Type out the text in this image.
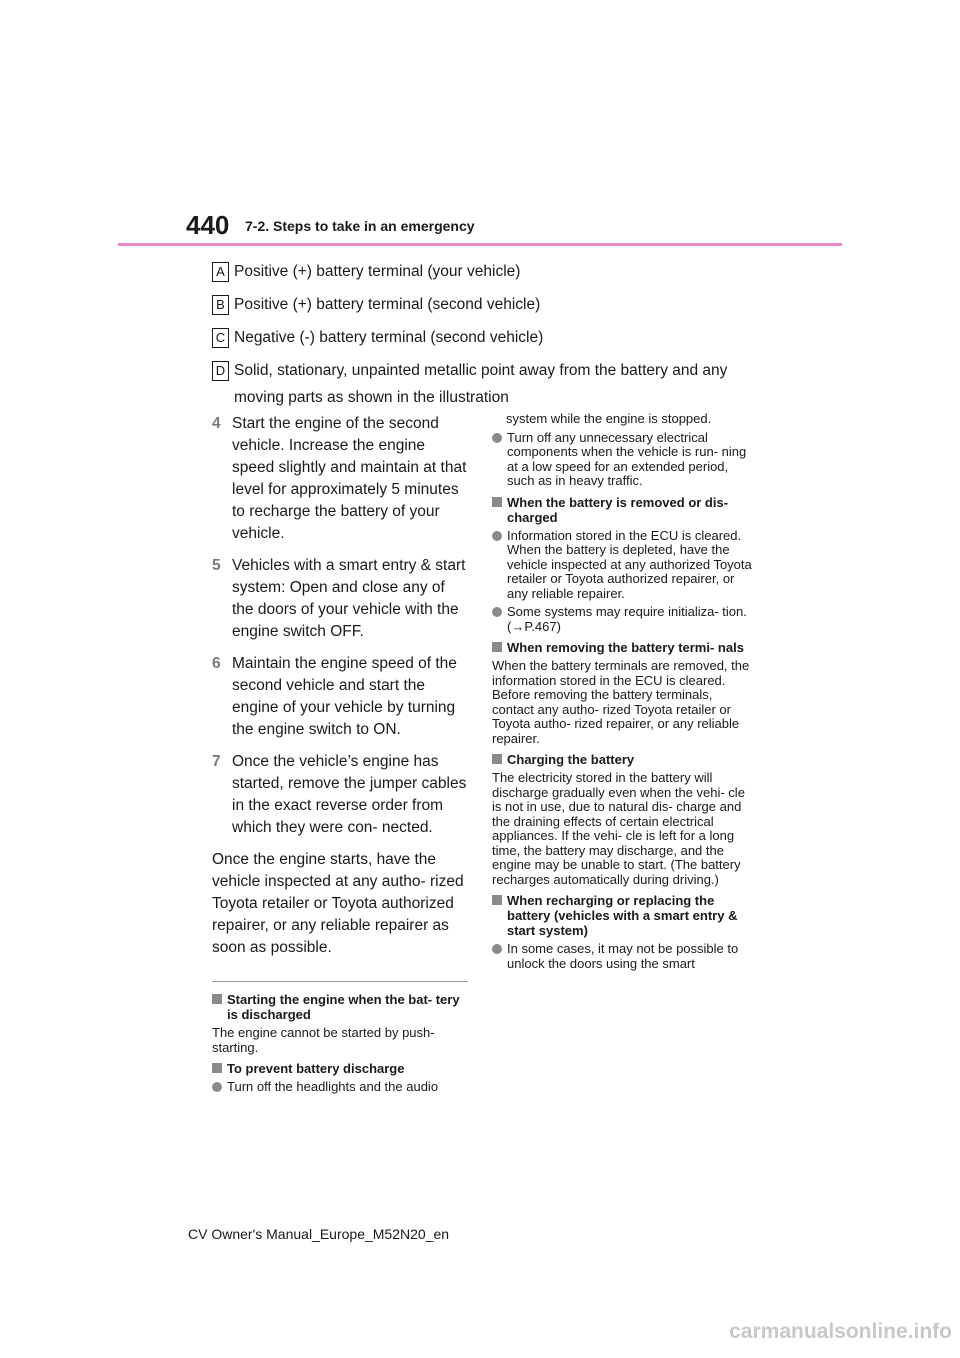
440 7-2. Steps to take in an emergency
A Positive (+) battery terminal (your vehicle)
B Positive (+) battery terminal (second vehicle)
C Negative (-) battery terminal (second vehicle)
D Solid, stationary, unpainted metallic point away from the battery and any moving parts as shown in the illustration
4 Start the engine of the second vehicle. Increase the engine speed slightly and maintain at that level for approximately 5 minutes to recharge the battery of your vehicle.
5 Vehicles with a smart entry & start system: Open and close any of the doors of your vehicle with the engine switch OFF.
6 Maintain the engine speed of the second vehicle and start the engine of your vehicle by turning the engine switch to ON.
7 Once the vehicle’s engine has started, remove the jumper cables in the exact reverse order from which they were con- nected.
Once the engine starts, have the vehicle inspected at any autho- rized Toyota retailer or Toyota authorized repairer, or any reliable repairer as soon as possible.
Starting the engine when the bat- tery is discharged
The engine cannot be started by push- starting.
To prevent battery discharge
Turn off the headlights and the audio
system while the engine is stopped.
Turn off any unnecessary electrical components when the vehicle is run- ning at a low speed for an extended period, such as in heavy traffic.
When the battery is removed or dis- charged
Information stored in the ECU is cleared. When the battery is depleted, have the vehicle inspected at any authorized Toyota retailer or Toyota authorized repairer, or any reliable repairer.
Some systems may require initializa- tion. (→P.467)
When removing the battery termi- nals
When the battery terminals are removed, the information stored in the ECU is cleared. Before removing the battery terminals, contact any autho- rized Toyota retailer or Toyota autho- rized repairer, or any reliable repairer.
Charging the battery
The electricity stored in the battery will discharge gradually even when the vehi- cle is not in use, due to natural dis- charge and the draining effects of certain electrical appliances. If the vehi- cle is left for a long time, the battery may discharge, and the engine may be unable to start. (The battery recharges automatically during driving.)
When recharging or replacing the battery (vehicles with a smart entry & start system)
In some cases, it may not be possible to unlock the doors using the smart
CV Owner's Manual_Europe_M52N20_en
carmanualsonline.info
